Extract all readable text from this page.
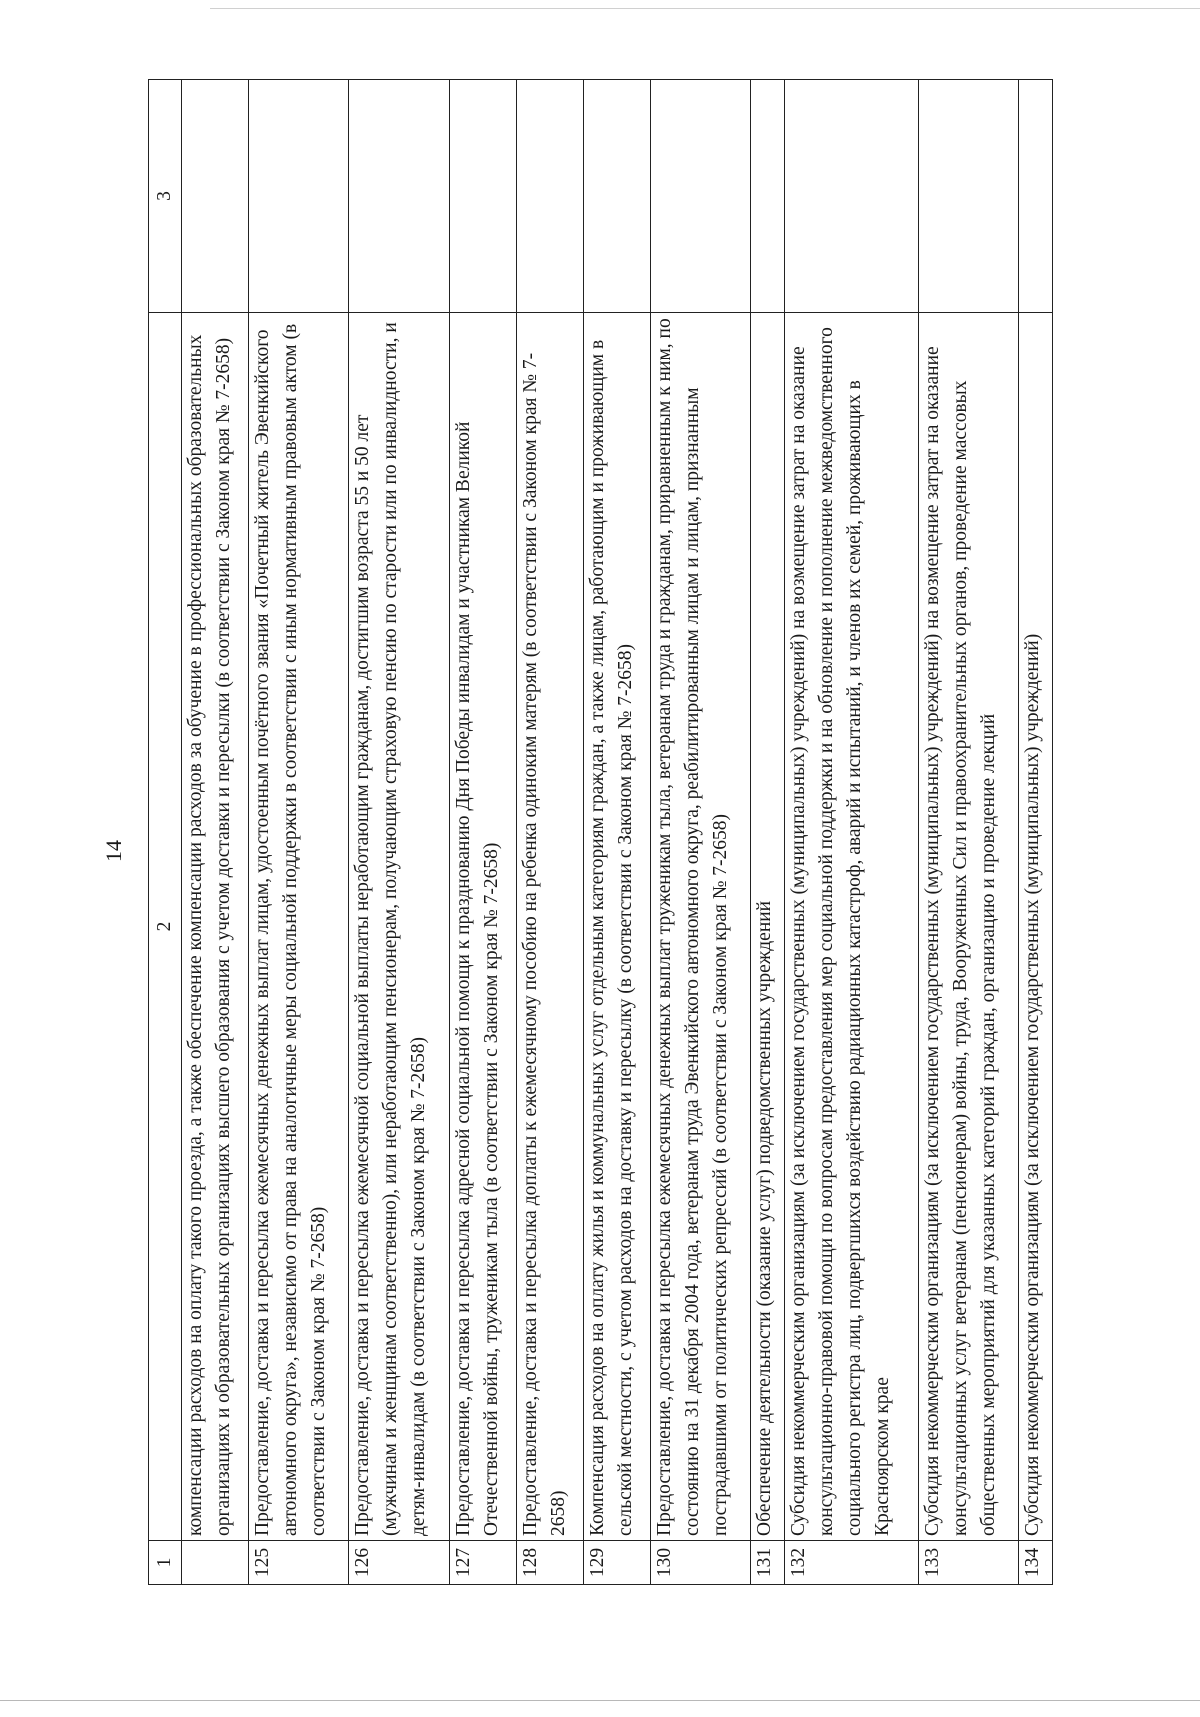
14
1	2	3
	компенсации расходов на оплату такого проезда, а также обеспечение компенсации расходов за обучение в профессиональных образовательных организациях и образовательных организациях высшего образования с учетом доставки и пересылки (в соответствии с Законом края № 7-2658)	
125	Предоставление, доставка и пересылка ежемесячных денежных выплат лицам, удостоенным почётного звания «Почетный житель Эвенкийского автономного округа», независимо от права на аналогичные меры социальной поддержки в соответствии с иным нормативным правовым актом (в соответствии с Законом края № 7-2658)	
126	Предоставление, доставка и пересылка ежемесячной социальной выплаты неработающим гражданам, достигшим возраста 55 и 50 лет (мужчинам и женщинам соответственно), или неработающим пенсионерам, получающим страховую пенсию по старости или по инвалидности, и детям-инвалидам (в соответствии с Законом края № 7-2658)	
127	Предоставление, доставка и пересылка адресной социальной помощи к празднованию Дня Победы инвалидам и участникам Великой Отечественной войны, труженикам тыла (в соответствии с Законом края № 7-2658)	
128	Предоставление, доставка и пересылка доплаты к ежемесячному пособию на ребенка одиноким матерям (в соответствии с Законом края № 7-2658)	
129	Компенсация расходов на оплату жилья и коммунальных услуг отдельным категориям граждан, а также лицам, работающим и проживающим в сельской местности, с учетом расходов на доставку и пересылку (в соответствии с Законом края № 7-2658)	
130	Предоставление, доставка и пересылка ежемесячных денежных выплат труженикам тыла, ветеранам труда и гражданам, приравненным к ним, по состоянию на 31 декабря 2004 года, ветеранам труда Эвенкийского автономного округа, реабилитированным лицам и лицам, признанным пострадавшими от политических репрессий (в соответствии с Законом края № 7-2658)	
131	Обеспечение деятельности (оказание услуг) подведомственных учреждений	
132	Субсидия некоммерческим организациям (за исключением государственных (муниципальных) учреждений) на возмещение затрат на оказание консультационно-правовой помощи по вопросам предоставления мер социальной поддержки и на обновление и пополнение межведомственного социального регистра лиц, подвергшихся воздействию радиационных катастроф, аварий и испытаний, и членов их семей, проживающих в Красноярском крае	
133	Субсидия некоммерческим организациям (за исключением государственных (муниципальных) учреждений) на возмещение затрат на оказание консультационных услуг ветеранам (пенсионерам) войны, труда, Вооруженных Сил и правоохранительных органов, проведение массовых общественных мероприятий для указанных категорий граждан, организацию и проведение лекций	
134	Субсидия некоммерческим организациям (за исключением государственных (муниципальных) учреждений)	
